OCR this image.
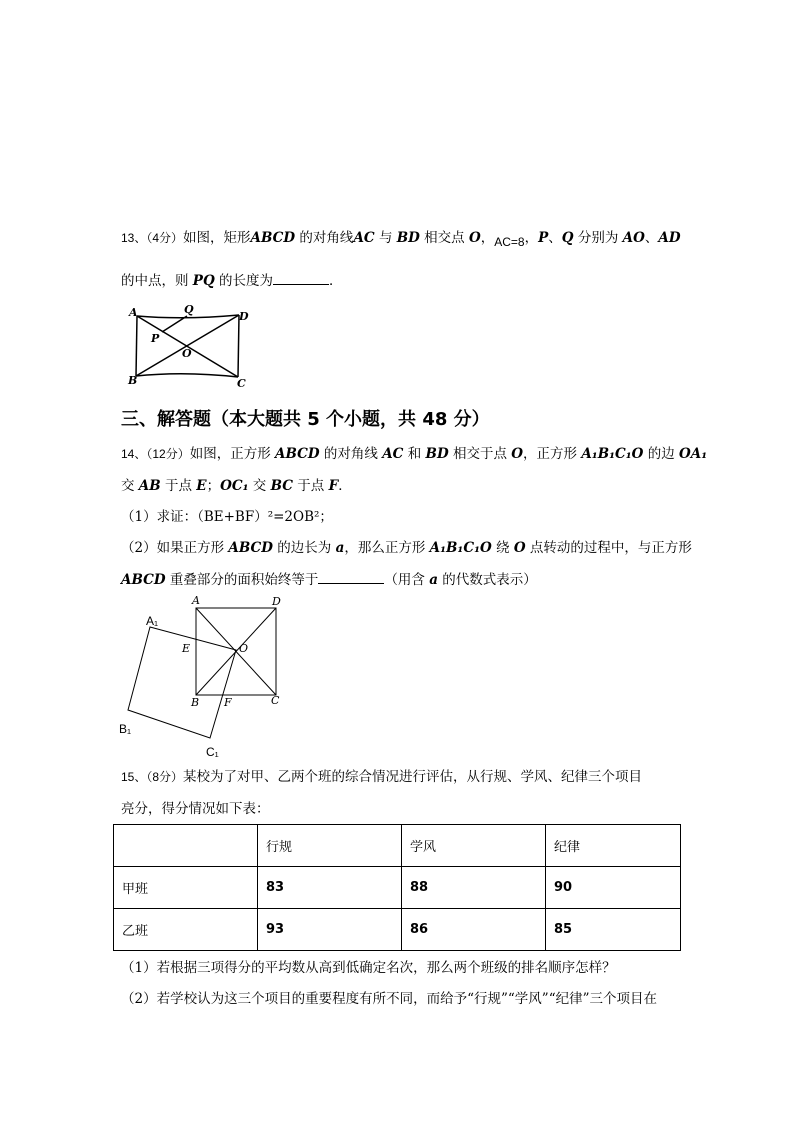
13、（4分）如图，矩形ABCD 的对角线AC 与 BD 相交点 O，AC=8，P、Q 分别为 AO、AD
的中点，则 PQ 的长度为	．
A	Q
D
P
O
B	C
三、解答题（本大题共 5 个小题，共 48 分）
14、（12分）如图，正方形 ABCD 的对角线 AC 和 BD 相交于点 O，正方形 A₁B₁C₁O 的边 OA₁
交 AB 于点 E；OC₁ 交 BC 于点 F．
（1）求证：（BE+BF）²=2OB²；
（2）如果正方形 ABCD 的边长为 a，那么正方形 A₁B₁C₁O 绕 O 点转动的过程中，与正方形
ABCD 重叠部分的面积始终等于	（用含 a 的代数式表示）
A	D
E	O
B F	C
A₁
B₁
C₁
15、（8分）某校为了对甲、乙两个班的综合情况进行评估，从行规、学风、纪律三个项目
亮分，得分情况如下表：
	行规	学风	纪律
甲班	83	88	90
乙班	93	86	85
（1）若根据三项得分的平均数从高到低确定名次，那么两个班级的排名顺序怎样？
（2）若学校认为这三个项目的重要程度有所不同，而给予“行规”“学风”“纪律”三个项目在
